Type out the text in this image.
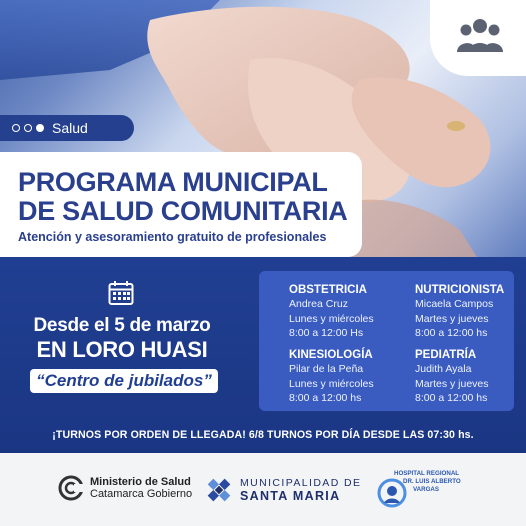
Salud
PROGRAMA MUNICIPAL
DE SALUD COMUNITARIA
Atención y asesoramiento gratuito de profesionales
Desde el 5 de marzo
EN LORO HUASI
“Centro de jubilados”
OBSTETRICIA
Andrea Cruz
Lunes y miércoles
8:00 a 12:00 Hs
NUTRICIONISTA
Micaela Campos
Martes y jueves
8:00 a 12:00 hs
KINESIOLOGÍA
Pilar de la Peña
Lunes y miércoles
8:00 a 12:00 hs
PEDIATRÍA
Judith Ayala
Martes y jueves
8:00 a 12:00 hs
¡TURNOS POR ORDEN DE LLEGADA! 6/8 TURNOS POR DÍA DESDE LAS 07:30 hs.
Ministerio de Salud
Catamarca Gobierno
MUNICIPALIDAD DE
SANTA MARIA
HOSPITAL REGIONAL
DR. LUIS ALBERTO
VARGAS
